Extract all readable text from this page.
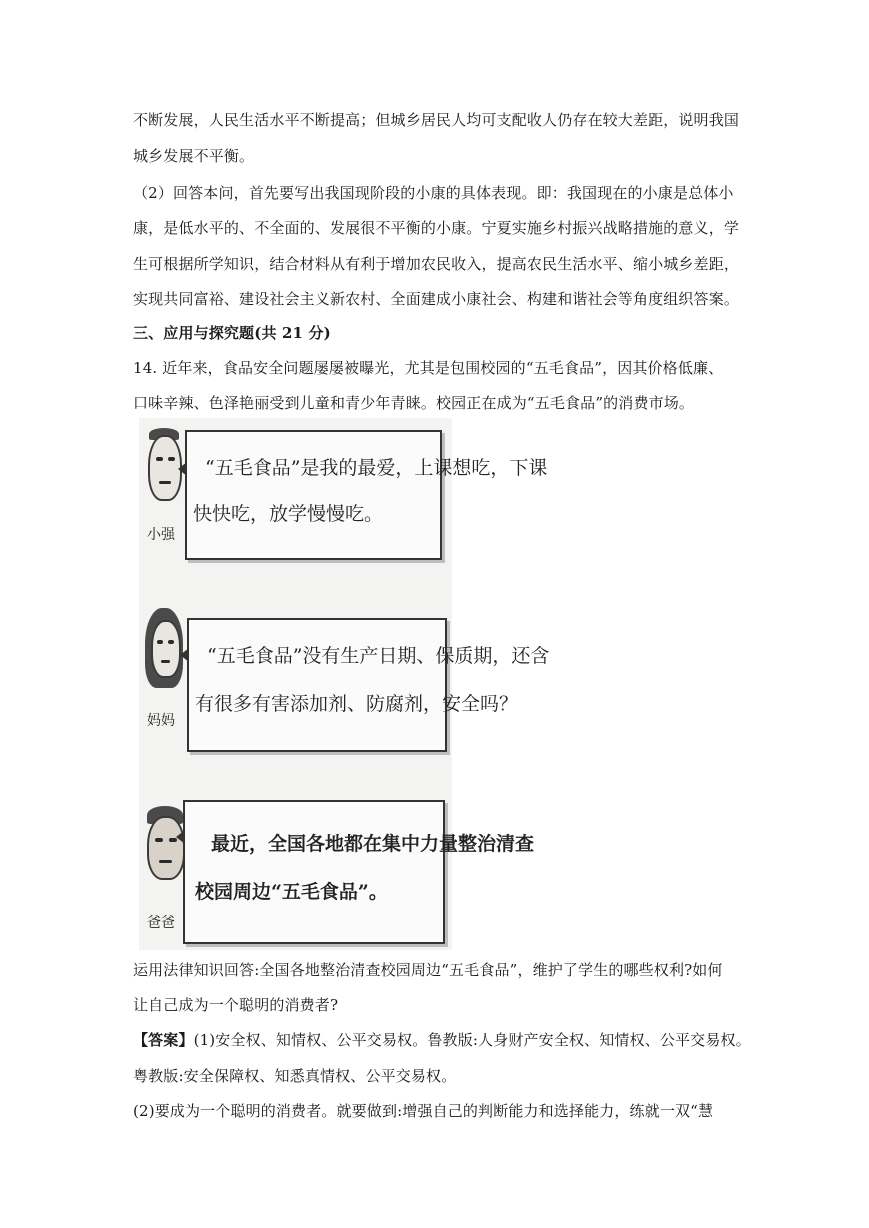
不断发展，人民生活水平不断提高；但城乡居民人均可支配收人仍存在较大差距，说明我国
城乡发展不平衡。
（2）回答本问，首先要写出我国现阶段的小康的具体表现。即：我国现在的小康是总体小
康，是低水平的、不全面的、发展很不平衡的小康。宁夏实施乡村振兴战略措施的意义，学
生可根据所学知识，结合材料从有利于增加农民收入，提高农民生活水平、缩小城乡差距，
实现共同富裕、建设社会主义新农村、全面建成小康社会、构建和谐社会等角度组织答案。
三、应用与探究题(共 21 分)
14. 近年来，食品安全问题屡屡被曝光，尤其是包围校园的“五毛食品”，因其价格低廉、
口味辛辣、色泽艳丽受到儿童和青少年青睐。校园正在成为“五毛食品”的消费市场。
小强
“五毛食品”是我的最爱，上课想吃，下课
快快吃，放学慢慢吃。
妈妈
“五毛食品”没有生产日期、保质期，还含
有很多有害添加剂、防腐剂，安全吗？
爸爸
最近，全国各地都在集中力量整治清查
校园周边“五毛食品”。
运用法律知识回答:全国各地整治清查校园周边“五毛食品”，维护了学生的哪些权利?如何
让自己成为一个聪明的消费者?
【答案】(1)安全权、知情权、公平交易权。鲁教版:人身财产安全权、知情权、公平交易权。
粤教版:安全保障权、知悉真情权、公平交易权。
(2)要成为一个聪明的消费者。就要做到:增强自己的判断能力和选择能力，练就一双“慧
